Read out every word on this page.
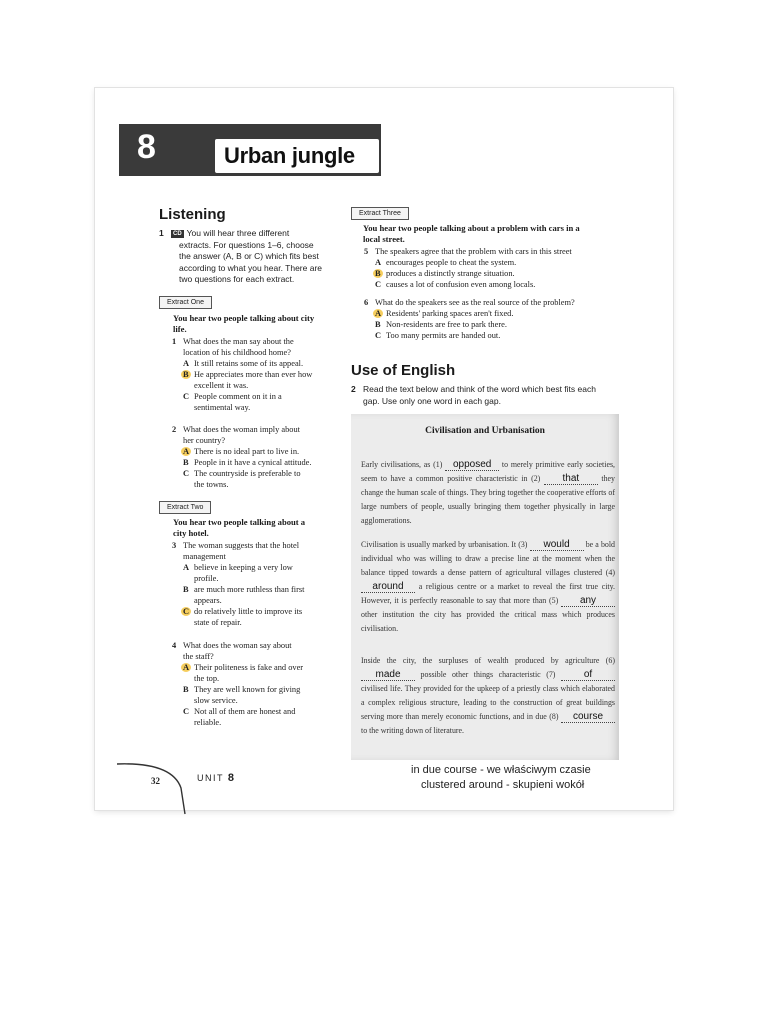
8	Urban jungle
Listening
1 CD You will hear three different
extracts. For questions 1–6, choose
the answer (A, B or C) which fits best
according to what you hear. There are
two questions for each extract.
Extract One
You hear two people talking about city
life.
1 What does the man say about the
location of his childhood home?
A It still retains some of its appeal.
B He appreciates more than ever how
excellent it was.
C People comment on it in a
sentimental way.
2 What does the woman imply about
her country?
A There is no ideal part to live in.
B People in it have a cynical attitude.
C The countryside is preferable to
the towns.
Extract Two
You hear two people talking about a
city hotel.
3 The woman suggests that the hotel
management
A believe in keeping a very low
profile.
B are much more ruthless than first
appears.
C do relatively little to improve its
state of repair.
4 What does the woman say about
the staff?
A Their politeness is fake and over
the top.
B They are well known for giving
slow service.
C Not all of them are honest and
reliable.
Extract Three
You hear two people talking about a problem with cars in a
local street.
5 The speakers agree that the problem with cars in this street
A encourages people to cheat the system.
B produces a distinctly strange situation.
C causes a lot of confusion even among locals.
6 What do the speakers see as the real source of the problem?
A Residents' parking spaces aren't fixed.
B Non-residents are free to park there.
C Too many permits are handed out.
Use of English
2 Read the text below and think of the word which best fits each
gap. Use only one word in each gap.
Civilisation and Urbanisation
Early civilisations, as (1) opposed to merely primitive early societies, seem to have a common positive characteristic in (2) that they change the human scale of things. They bring together the cooperative efforts of large numbers of people, usually bringing them together physically in large agglomerations.
Civilisation is usually marked by urbanisation. It (3) would be a bold individual who was willing to draw a precise line at the moment when the balance tipped towards a dense pattern of agricultural villages clustered (4) around a religious centre or a market to reveal the first true city. However, it is perfectly reasonable to say that more than (5) any other institution the city has provided the critical mass which produces civilisation.
Inside the city, the surpluses of wealth produced by agriculture (6) made possible other things characteristic (7) of civilised life. They provided for the upkeep of a priestly class which elaborated a complex religious structure, leading to the construction of great buildings serving more than merely economic functions, and in due (8) course to the writing down of literature.
32	UNIT 8
in due course - we właściwym czasie
clustered around - skupieni wokół
